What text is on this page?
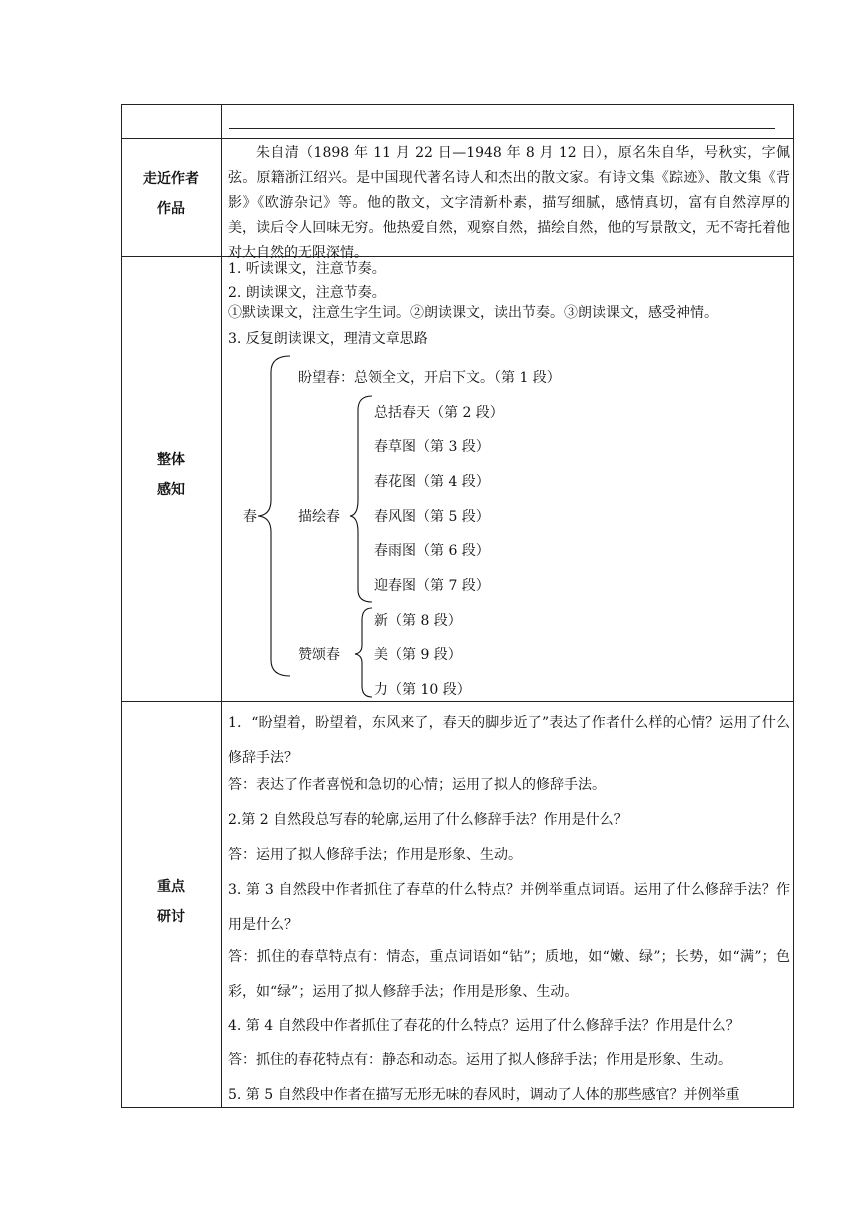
走近作者
作品
朱自清（1898 年 11 月 22 日—1948 年 8 月 12 日），原名朱自华，号秋实，字佩弦。原籍浙江绍兴。是中国现代著名诗人和杰出的散文家。有诗文集《踪迹》、散文集《背影》《欧游杂记》等。他的散文，文字清新朴素，描写细腻，感情真切，富有自然淳厚的美，读后令人回味无穷。他热爱自然，观察自然，描绘自然，他的写景散文，无不寄托着他对大自然的无限深情。
整体
感知
1. 听读课文，注意节奏。
2. 朗读课文，注意节奏。
①默读课文，注意生字生词。②朗读课文，读出节奏。③朗读课文，感受神情。
3. 反复朗读课文，理清文章思路
春
盼望春：总领全文，开启下文。（第 1 段）
描绘春
赞颂春
总括春天（第 2 段）
春草图（第 3 段）
春花图（第 4 段）
春风图（第 5 段）
春雨图（第 6 段）
迎春图（第 7 段）
新（第 8 段）
美（第 9 段）
力（第 10 段）
重点
研讨
1．“盼望着，盼望着，东风来了，春天的脚步近了”表达了作者什么样的心情？运用了什么修辞手法？
答：表达了作者喜悦和急切的心情；运用了拟人的修辞手法。
2.第 2 自然段总写春的轮廓,运用了什么修辞手法？作用是什么？
答：运用了拟人修辞手法；作用是形象、生动。
3. 第 3 自然段中作者抓住了春草的什么特点？并例举重点词语。运用了什么修辞手法？作用是什么？
答：抓住的春草特点有：情态，重点词语如“钻”；质地，如“嫩、绿”；长势，如“满”；色彩，如“绿”；运用了拟人修辞手法；作用是形象、生动。
4. 第 4 自然段中作者抓住了春花的什么特点？运用了什么修辞手法？作用是什么？
答：抓住的春花特点有：静态和动态。运用了拟人修辞手法；作用是形象、生动。
5. 第 5 自然段中作者在描写无形无味的春风时，调动了人体的那些感官？并例举重
